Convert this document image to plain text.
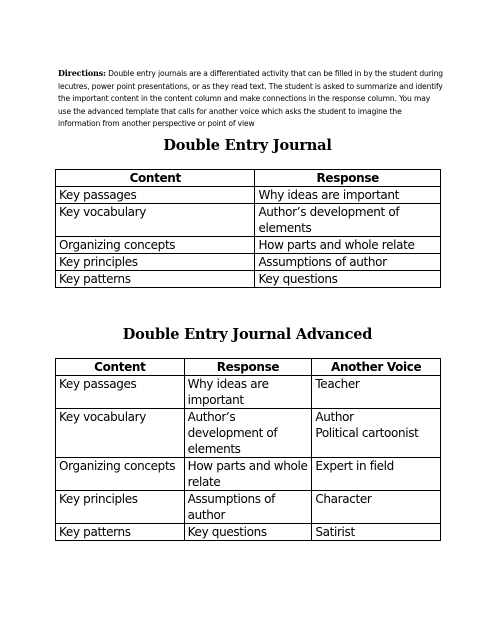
Directions: Double entry journals are a differentiated activity that can be filled in by the student during lecutres, power point presentations, or as they read text. The student is asked to summarize and identify the important content in the content column and make connections in the response column. You may use the advanced template that calls for another voice which asks the student to imagine the information from another perspective or point of view
Double Entry Journal
Content	Response
Key passages	Why ideas are important
Key vocabulary	Author’s development of elements
Organizing concepts	How parts and whole relate
Key principles	Assumptions of author
Key patterns	Key questions
Double Entry Journal Advanced
Content	Response	Another Voice
Key passages	Why ideas are important	Teacher
Key vocabulary	Author’s development of elements	Author
Political cartoonist
Organizing concepts	How parts and whole relate	Expert in field
Key principles	Assumptions of author	Character
Key patterns	Key questions	Satirist
